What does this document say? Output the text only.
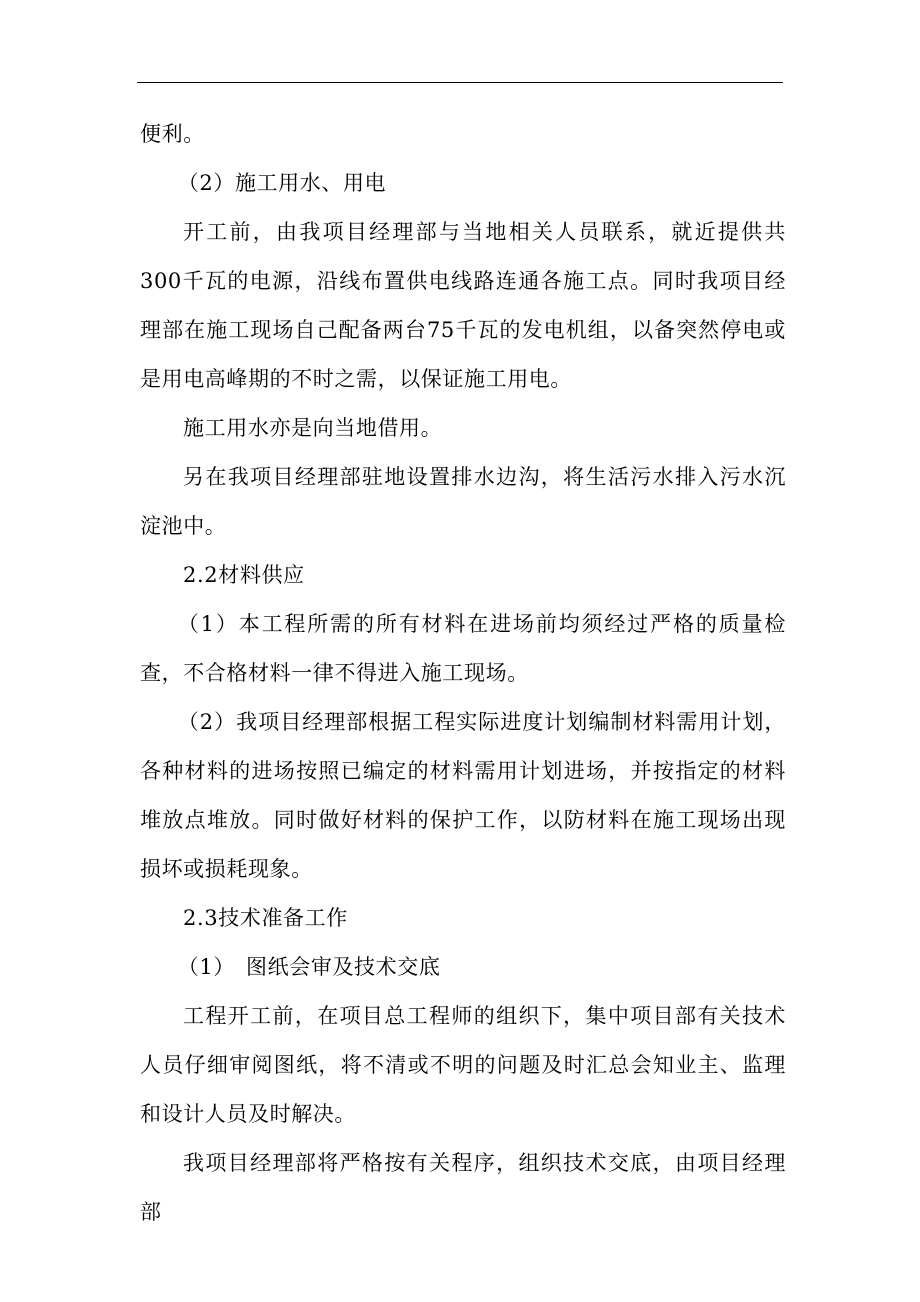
便利。

（2）施工用水、用电

开工前，由我项目经理部与当地相关人员联系，就近提供共300千瓦的电源，沿线布置供电线路连通各施工点。同时我项目经理部在施工现场自己配备两台75千瓦的发电机组，以备突然停电或是用电高峰期的不时之需，以保证施工用电。

施工用水亦是向当地借用。

另在我项目经理部驻地设置排水边沟，将生活污水排入污水沉淀池中。

2.2材料供应

（1）本工程所需的所有材料在进场前均须经过严格的质量检查，不合格材料一律不得进入施工现场。

（2）我项目经理部根据工程实际进度计划编制材料需用计划，各种材料的进场按照已编定的材料需用计划进场，并按指定的材料堆放点堆放。同时做好材料的保护工作，以防材料在施工现场出现损坏或损耗现象。

2.3技术准备工作

（1）　图纸会审及技术交底

工程开工前，在项目总工程师的组织下，集中项目部有关技术人员仔细审阅图纸，将不清或不明的问题及时汇总会知业主、监理和设计人员及时解决。

我项目经理部将严格按有关程序，组织技术交底，由项目经理部
